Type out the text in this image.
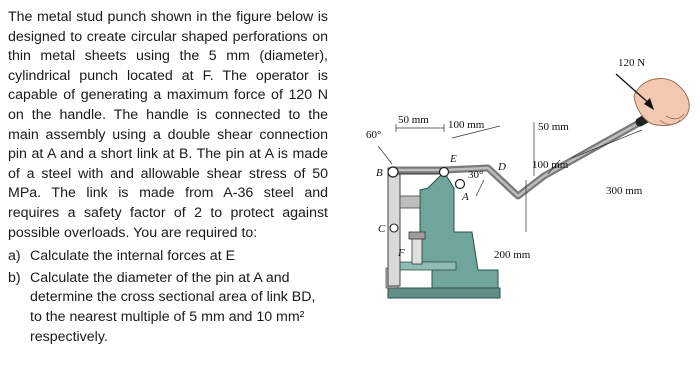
The metal stud punch shown in the figure below is designed to create circular shaped perforations on thin metal sheets using the 5 mm (diameter), cylindrical punch located at F. The operator is capable of generating a maximum force of 120 N on the handle. The handle is connected to the main assembly using a double shear connection pin at A and a short link at B. The pin at A is made of a steel with and allowable shear stress of 50 MPa. The link is made from A-36 steel and requires a safety factor of 2 to protect against possible overloads. You are required to:

a) Calculate the internal forces at E
b) Calculate the diameter of the pin at A and determine the cross sectional area of link BD, to the nearest multiple of 5 mm and 10 mm² respectively.
50 mm 100 mm	50 mm
100 mm
300 mm
200 mm
60°
30°
120 N
B
C
E
D
A
F
